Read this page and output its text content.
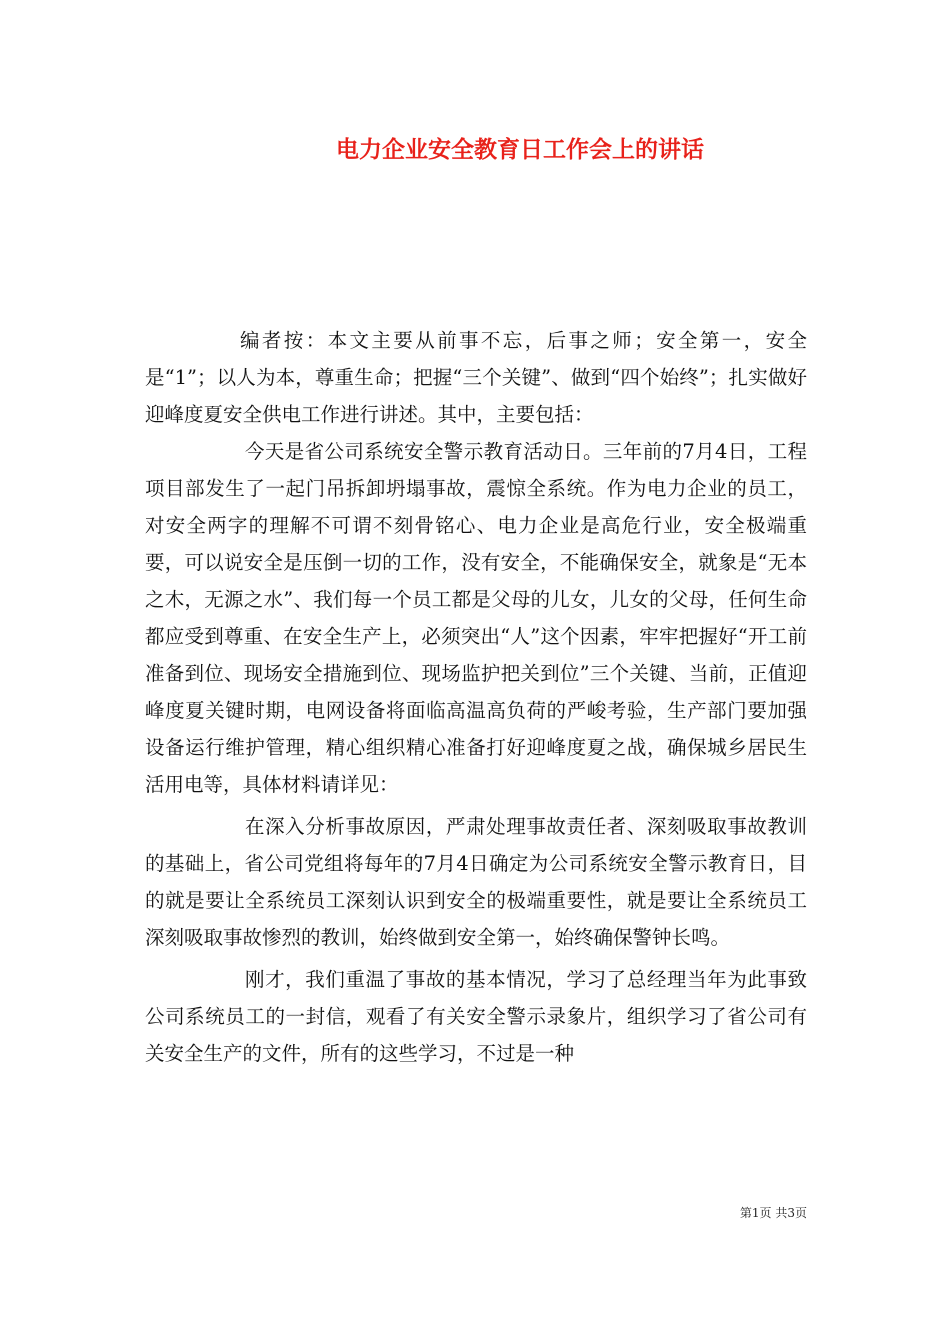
电力企业安全教育日工作会上的讲话

编者按：本文主要从前事不忘，后事之师；安全第一，安全是“1”；以人为本，尊重生命；把握“三个关键”、做到“四个始终”；扎实做好迎峰度夏安全供电工作进行讲述。其中，主要包括：

今天是省公司系统安全警示教育活动日。三年前的7月4日，工程项目部发生了一起门吊拆卸坍塌事故，震惊全系统。作为电力企业的员工，对安全两字的理解不可谓不刻骨铭心、电力企业是高危行业，安全极端重要，可以说安全是压倒一切的工作，没有安全，不能确保安全，就象是“无本之木，无源之水”、我们每一个员工都是父母的儿女，儿女的父母，任何生命都应受到尊重、在安全生产上，必须突出“人”这个因素，牢牢把握好“开工前准备到位、现场安全措施到位、现场监护把关到位”三个关键、当前，正值迎峰度夏关键时期，电网设备将面临高温高负荷的严峻考验，生产部门要加强设备运行维护管理，精心组织精心准备打好迎峰度夏之战，确保城乡居民生活用电等，具体材料请详见：

在深入分析事故原因，严肃处理事故责任者、深刻吸取事故教训的基础上，省公司党组将每年的7月4日确定为公司系统安全警示教育日，目的就是要让全系统员工深刻认识到安全的极端重要性，就是要让全系统员工深刻吸取事故惨烈的教训，始终做到安全第一，始终确保警钟长鸣。

刚才，我们重温了事故的基本情况，学习了总经理当年为此事致公司系统员工的一封信，观看了有关安全警示录象片，组织学习了省公司有关安全生产的文件，所有的这些学习，不过是一种

第1页 共3页
